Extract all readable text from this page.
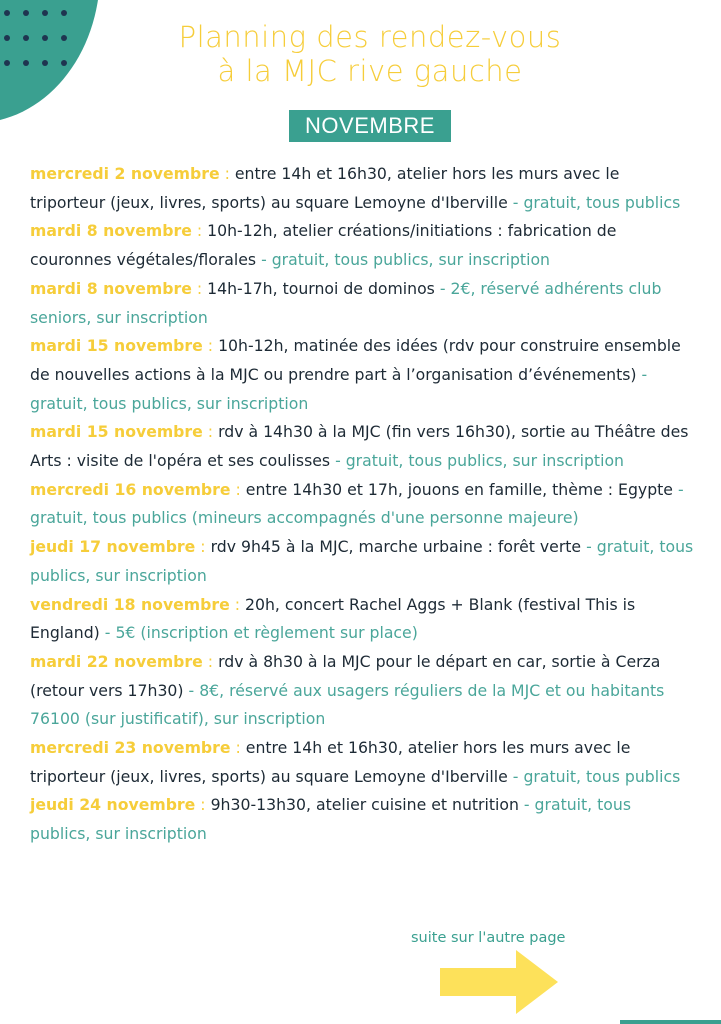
Planning des rendez-vous
à la MJC rive gauche
NOVEMBRE

mercredi 2 novembre : entre 14h et 16h30, atelier hors les murs avec le triporteur (jeux, livres, sports) au square Lemoyne d'Iberville - gratuit, tous publics

mardi 8 novembre : 10h-12h, atelier créations/initiations : fabrication de couronnes végétales/florales - gratuit, tous publics, sur inscription

mardi 8 novembre : 14h-17h, tournoi de dominos - 2€, réservé adhérents club seniors, sur inscription

mardi 15 novembre : 10h-12h, matinée des idées (rdv pour construire ensemble de nouvelles actions à la MJC ou prendre part à l’organisation d’événements) - gratuit, tous publics, sur inscription

mardi 15 novembre : rdv à 14h30 à la MJC (fin vers 16h30), sortie au Théâtre des Arts : visite de l'opéra et ses coulisses - gratuit, tous publics, sur inscription

mercredi 16 novembre : entre 14h30 et 17h, jouons en famille, thème : Egypte - gratuit, tous publics (mineurs accompagnés d'une personne majeure)

jeudi 17 novembre : rdv 9h45 à la MJC, marche urbaine : forêt verte - gratuit, tous publics, sur inscription

vendredi 18 novembre : 20h, concert Rachel Aggs + Blank (festival This is England) - 5€ (inscription et règlement sur place)

mardi 22 novembre : rdv à 8h30 à la MJC pour le départ en car, sortie à Cerza (retour vers 17h30) - 8€, réservé aux usagers réguliers de la MJC et ou habitants 76100 (sur justificatif), sur inscription

mercredi 23 novembre : entre 14h et 16h30, atelier hors les murs avec le triporteur (jeux, livres, sports) au square Lemoyne d'Iberville - gratuit, tous publics

jeudi 24 novembre : 9h30-13h30, atelier cuisine et nutrition - gratuit, tous publics, sur inscription

suite sur l'autre page
